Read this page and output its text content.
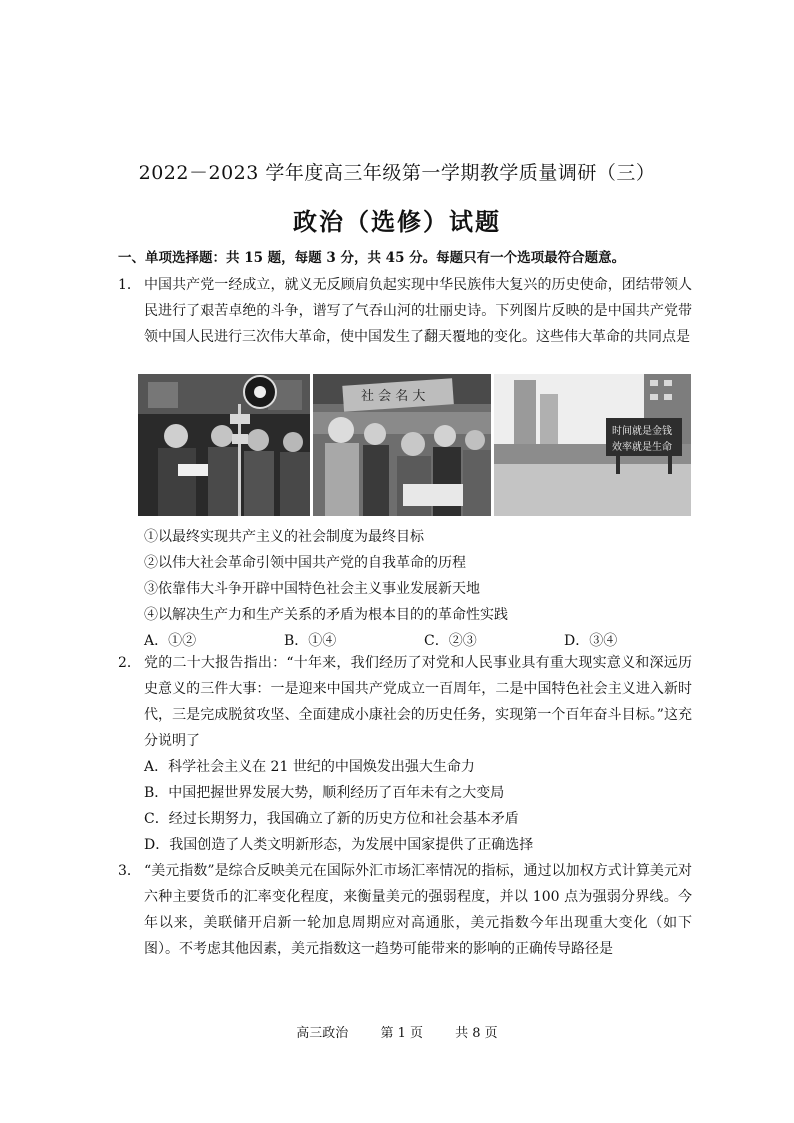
2022－2023 学年度高三年级第一学期教学质量调研（三）
政治（选修）试题
一、单项选择题：共 15 题，每题 3 分，共 45 分。每题只有一个选项最符合题意。
1． 中国共产党一经成立，就义无反顾肩负起实现中华民族伟大复兴的历史使命，团结带领人民进行了艰苦卓绝的斗争，谱写了气吞山河的壮丽史诗。下列图片反映的是中国共产党带领中国人民进行三次伟大革命，使中国发生了翻天覆地的变化。这些伟大革命的共同点是
社 会 名 大
时间就是金钱
效率就是生命
①以最终实现共产主义的社会制度为最终目标
②以伟大社会革命引领中国共产党的自我革命的历程
③依靠伟大斗争开辟中国特色社会主义事业发展新天地
④以解决生产力和生产关系的矛盾为根本目的的革命性实践
A．①②	B．①④	C．②③	D．③④
2． 党的二十大报告指出：“十年来，我们经历了对党和人民事业具有重大现实意义和深远历史意义的三件大事：一是迎来中国共产党成立一百周年，二是中国特色社会主义进入新时代，三是完成脱贫攻坚、全面建成小康社会的历史任务，实现第一个百年奋斗目标。”这充分说明了
A．科学社会主义在 21 世纪的中国焕发出强大生命力
B．中国把握世界发展大势，顺利经历了百年未有之大变局
C．经过长期努力，我国确立了新的历史方位和社会基本矛盾
D．我国创造了人类文明新形态，为发展中国家提供了正确选择
3． “美元指数”是综合反映美元在国际外汇市场汇率情况的指标，通过以加权方式计算美元对六种主要货币的汇率变化程度，来衡量美元的强弱程度，并以 100 点为强弱分界线。今年以来，美联储开启新一轮加息周期应对高通胀，美元指数今年出现重大变化（如下图）。不考虑其他因素，美元指数这一趋势可能带来的影响的正确传导路径是
高三政治 第 1 页 共 8 页
